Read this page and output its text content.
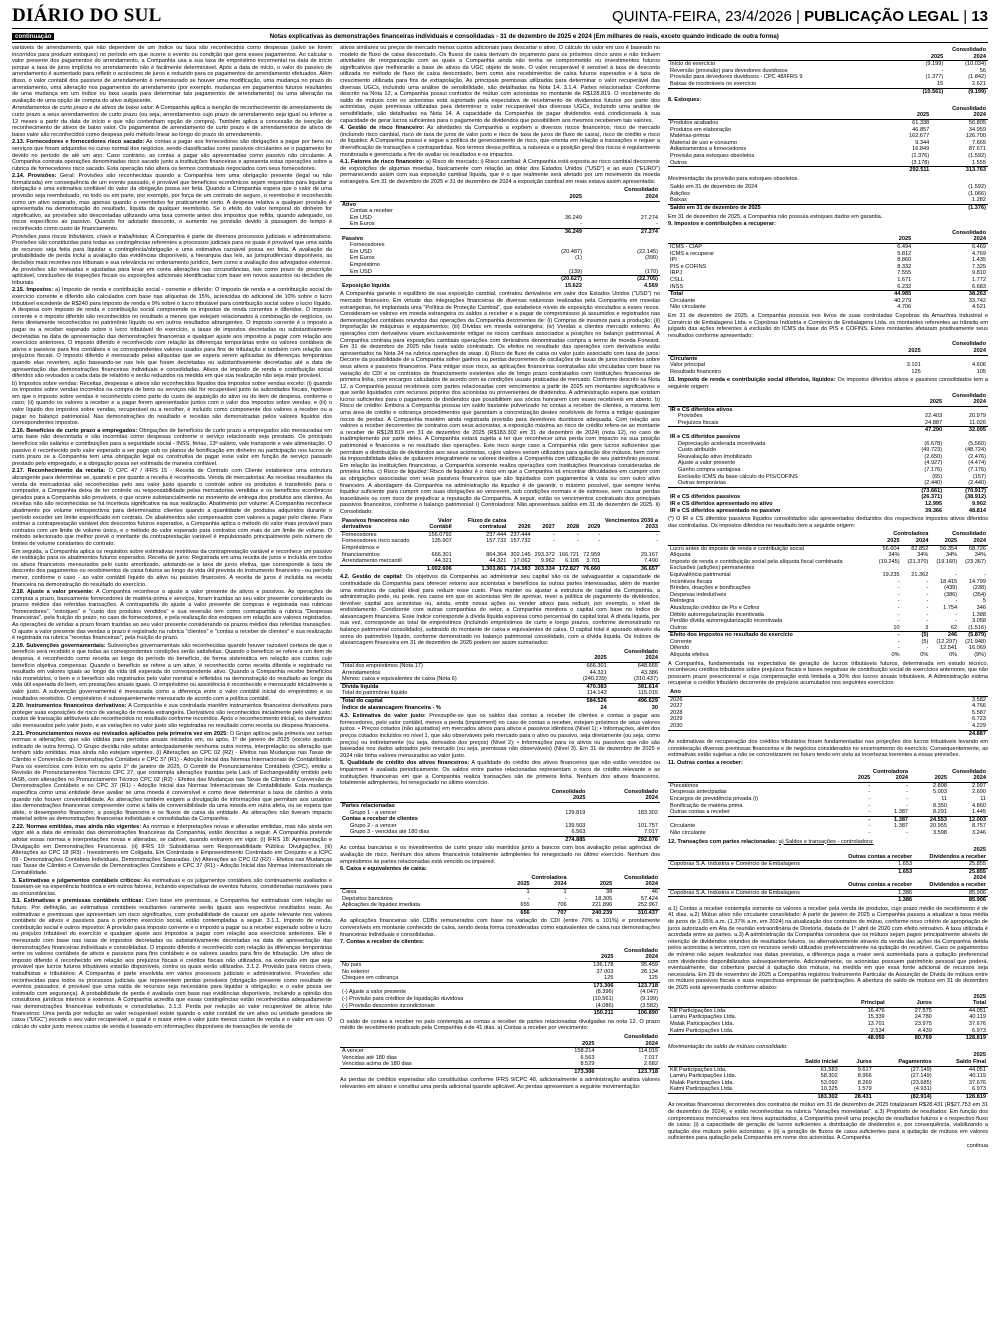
DIÁRIO DO SUL	QUINTA-FEIRA, 23/4/2026 | PUBLICAÇÃO LEGAL | 13
continuação	Notas explicativas às demonstrações financeiras individuais e consolidadas - 31 de dezembro de 2025 e 2024 (Em milhares de reais, exceto quando indicado de outra forma)

variáveis de arrendamento que não dependem de um índice ou taxa são reconhecidos como despesas (salvo se forem incorridos para produzir estoques) no período em que ocorre o evento ou condição que gera esses pagamentos. Ao calcular o valor presente dos pagamentos do arrendamento, a Companhia usa a sua taxa de empréstimo incremental na data de início porque a taxa de juros implícita no arrendamento não é facilmente determinável. Após a data de início, o valor do passivo de arrendamento é aumentado para refletir o acréscimo de juros e reduzido para os pagamentos de arrendamento efetuados. Além disso, o valor contábil dos passivos de arrendamento é remensurado se houver uma modificação, uma mudança no prazo do arrendamento, uma alteração nos pagamentos do arrendamento (por exemplo, mudanças em pagamentos futuros resultantes de uma mudança em um índice ou taxa usada para determinar tais pagamentos de arrendamento) ou uma alteração na avaliação de uma opção de compra do ativo subjacente.

Arrendamentos de curto prazo e de ativos de baixo valor: A Companhia aplica a isenção de reconhecimento de arrendamento de curto prazo a seus arrendamentos de curto prazo (ou seja, arrendamentos cujo prazo de arrendamento seja igual ou inferior a 12 meses a partir da data de início e que não contenham opção de compra). Também aplica a concessão de isenção de reconhecimento de ativos de baixo valor. Os pagamentos de arrendamento de curto prazo e de arrendamentos de ativos de baixo valor são reconhecidos como despesa pelo método linear ao longo do prazo do arrendamento.

2.13. Fornecedores e fornecedores risco sacado: As contas a pagar aos fornecedores são obrigações a pagar por bens ou serviços que foram adquiridos no curso normal dos negócios, sendo classificadas como passivos circulantes se o pagamento for devido no período de até um ano. Caso contrário, as contas a pagar são apresentadas como passivo não circulante. A Companhia contrata operações denominadas risco sacado junto a instituições financeiras e apresenta estas operações sobre a rubrica de fornecedores risco sacado. Esta operação não altera os termos contratuais negociados com seus fornecedores.

2.14. Provisões: Geral: Provisões são reconhecidas quando a Companhia tem uma obrigação presente (legal ou não formalizada) em consequência de um evento passado, é provável que benefícios econômicos sejam requeridos para liquidar a obrigação e uma estimativa confiável do valor da obrigação possa ser feita. Quando a Companhia espera que o valor de uma provisão seja reembolsado, no todo ou em parte, por exemplo, por força de um contrato de seguro, o reembolso é reconhecido como um ativo separado, mas apenas quando o reembolso for praticamente certo. A despesa relativa a qualquer provisão é apresentada na demonstração do resultado, líquida de qualquer reembolso. Se o efeito do valor temporal do dinheiro for significativo, as provisões são descontadas utilizando uma taxa corrente antes dos impostos que reflita, quando adequado, os riscos específicos ao passivo. Quando for adotado desconto, o aumento na provisão devido à passagem do tempo é reconhecido como custo de financiamento.

Provisões para riscos tributários, cíveis e trabalhistas: A Companhia é parte de diversos processos judiciais e administrativos. Provisões são constituídas para todas as contingências referentes a processos judiciais para os quais é provável que uma saída de recursos seja feita para liquidar a contingência/obrigação e uma estimativa razoável possa ser feita. A avaliação da probabilidade de perda inclui a avaliação das evidências disponíveis, a hierarquia das leis, as jurisprudências disponíveis, as decisões mais recentes nos tribunais e sua relevância no ordenamento jurídico, bem como a avaliação dos advogados externos. As provisões são revisadas e ajustadas para levar em conta alterações nas circunstâncias, tais como prazo de prescrição aplicável, conclusões de inspeções fiscais ou exposições adicionais identificadas com base em novos assuntos ou decisões de tribunais.

2.15. Impostos: a) Imposto de renda e contribuição social - corrente e diferido: O imposto de renda e a contribuição social do exercício corrente e diferido são calculados com base nas alíquotas de 15%, acrescidas do adicional de 10% sobre o lucro tributável excedente de R$240 para imposto de renda e 9% sobre o lucro tributável para contribuição social sobre o lucro líquido. A despesa com imposto de renda e contribuição social compreende os impostos de renda correntes e diferidos. O imposto corrente e o imposto diferido são reconhecidos no resultado a menos que estejam relacionados à combinação de negócios, ou itens diretamente reconhecidos no patrimônio líquido ou em outros resultados abrangentes. O imposto corrente é o imposto a pagar ou a receber esperado sobre o lucro tributável do exercício, a taxas de impostos decretadas ou substantivamente decretadas na data de apresentação das demonstrações financeiras e qualquer ajuste aos impostos a pagar com relação aos exercícios anteriores. O imposto diferido é reconhecido com relação às diferenças temporárias entre os valores contábeis de ativos e passivos para fins contábeis e os correspondentes valores usados para fins de tributação e também com relação aos prejuízos fiscais. O imposto diferido é mensurado pelas alíquotas que se espera serem aplicadas às diferenças temporárias quando elas revertem, ação baseando-se nas leis que foram decretadas ou substantivamente decretadas até a data de apresentação das demonstrações financeiras individuais e consolidadas. Ativos de imposto de renda e contribuição social diferidos são revisados a cada data de relatório e serão reduzidos na medida em que sua realização não seja mais provável.

b) Impostos sobre vendas: Receitas, despesas e ativos são reconhecidos líquidos dos impostos sobre vendas exceto: (i) quando os impostos sobre vendas incorridos na compra de bens ou serviços não for recuperável junto às autoridades fiscais, hipótese em que o imposto sobre vendas é reconhecido como parte do custo de aquisição do ativo ou do item de despesa, conforme o caso; (ii) quando os valores a receber e a pagar forem apresentados juntos com o valor dos impostos sobre vendas; e (iii) o valor líquido dos impostos sobre vendas, recuperável ou a recolher, é incluído como componente dos valores a receber ou a pagar no balanço patrimonial. Nas demonstrações do resultado e receitas são demonstradas pelos valores líquidos dos correspondentes impostos.

2.16. Benefícios de curto prazo a empregados: Obrigações de benefícios de curto prazo a empregados são mensuradas em uma base não descontada e são incorridas como despesas conforme o serviço relacionado seja prestado. Os principais benefícios são salários e contribuições para a seguridade social - INSS, férias, 13º salário, vale transporte e vale alimentação. O passivo é reconhecido pelo valor esperado a ser pago sob os planos de bonificação em dinheiro ou participação nos lucros de curto prazo se a Companhia tem uma obrigação legal ou construtiva de pagar esse valor em função de serviço passado prestado pelo empregado, e a obrigação possa ser estimada de maneira confiável.

2.17. Reconhecimento da receita: O CPC 47 / IFRS 15 - Receita de Contrato com Cliente estabelece uma estrutura abrangente para determinar se, quando e por quanto a receita é reconhecida. Venda de mercadorias: As receitas resultantes da venda de mercadorias são reconhecidas pelo seu valor justo quando o controle sobre os produtos é transferido para o comprador, a Companhia deixa de ter controle ou responsabilidade pelas mercadorias vendidas e os benefícios econômicos gerados para a Companhia são prováveis, o que ocorre substancialmente no momento de entrega dos produtos aos clientes. As receitas não são reconhecidas se há incerteza significativa na sua realização. Abatimento por volume: A Companhia reconhece abatimento por volume retrospectivos para determinados clientes quando a quantidade de produtos adquiridos durante o período exceder um limite especificado em contrato. Os abatimentos são compensados com valores a pagar pelo cliente. Para estimar a contraprestação variável dos descontos futuros esperados, a Companhia aplica o método do valor mais provável para contratos com um limite de volume único, e o método do valor esperado para contratos com mais de um limite de volume. O método selecionado que melhor prevê o montante da contraprestação variável é impulsionado principalmente pelo número de limites de volume constantes do contrato.

Em seguida, a Companhia aplica os requisitos sobre estimativas restritivas da contraprestação variável e reconhece um passivo de restituição para os abatimentos futuros esperados. Receita de juros: Registrada em uma receita de juros e incluída em todos os ativos financeiros mensurados pelo custo amortizado, adotando-se a taxa de juros efetiva, que corresponde à taxa de desconto dos pagamentos ou recebimentos de caixa futuros ao longo da vida útil prevista do instrumento financeiro - ou período menor, conforme o caso - ao valor contábil líquido do ativo ou passivo financeiro. A receita de juros é incluída na receita financeira na demonstração do resultado do exercício.

2.18. Ajuste a valor presente: A Companhia reconhece o ajuste a valor presente de ativos e passivos. As operações de compras a prazo, basicamente fornecedores de matéria-prima e serviços, foram trazidas ao seu valor presente considerando os prazos médios das referidas transações. A contrapartida do ajuste a valor presente de compras é registrada nas rubricas "fornecedores", "estoques" e "custo dos produtos vendidos" e sua reversão tem como contrapartida a rubrica "Despesas financeiras", pela fruição do prazo, no caso de fornecedores, e pela realização dos estoques em relação aos valores registrados. As operações de vendas a prazo foram trazidas ao seu valor presente considerando os prazos médios das referidas transações. O ajuste a valor presente das vendas a prazo é registrado na rubrica "clientes" e "contas a receber de clientes" e sua realização é registrada na rubrica "receitas financeiras", pela fruição do prazo.

2.19. Subvenções governamentais: Subvenções governamentais são reconhecidas quando houver razoável certeza de que o benefício será recebido e que todas as correspondentes condições serão satisfeitas. Quando o benefício se refere a um item de despesa, é reconhecido como receita ao longo do período do benefício, de forma sistemática em relação aos custos cujo benefício objetiva compensar. Quando o benefício se refere a um ativo, é reconhecido como receita diferida e registrado no resultado em valores iguais ao longo da vida útil esperada do correspondente ativo. Quando a Companhia recebe benefícios não monetários, o bem e o benefício são registrados pelo valor nominal e refletidos na demonstração do resultado ao longo da vida útil esperada do bem, em prestações anuais iguais. O empréstimo ou assistência é reconhecido e mensurado inicialmente a valor justo. A subvenção governamental é mensurada como a diferença entre o valor contábil inicial do empréstimo e os resultados recebidos. O empréstimo é subsequentemente mensurado de acordo com a política contábil.

2.20. Instrumentos financeiros derivativos: A Companhia e sua controlada mantêm instrumentos financeiros derivativos para proteger suas exposições de risco de variação de moeda estrangeira. Derivativos são reconhecidos inicialmente pelo valor justo; custos de transação atribuíveis são reconhecidos no resultado conforme incorridos. Após o reconhecimento inicial, os derivativos são mensurados pelo valor justo, e as variações no valor justo são registradas no resultado como receita ou despesa financeira.

2.21. Pronunciamentos novos ou revisados aplicados pela primeira vez em 2025: O Grupo aplicou pela primeira vez certas normas e alterações, que são válidas para períodos anuais iniciados em, ou após, 1º de janeiro de 2025 (exceto quando indicado de outra forma). O Grupo decidiu não adotar antecipadamente nenhuma outra norma, interpretação ou alteração que tenham sido emitidas, mas ainda não estejam vigentes. (i) Alterações ao CPC 02 (R2) - Efeitos nas Mudanças nas Taxas de Câmbio e Conversão de Demonstrações Contábeis e CPC 37 (R1) - Adoção Inicial das Normas Internacionais de Contabilidade: Para os exercícios com início em ou após 1º de janeiro de 2025, O Comitê de Pronunciamentos Contábeis (CPC), emitiu a Revisão de Pronunciamentos Técnicos CPC 27, que contempla alterações trazidas pela Lack of Exchangeability emitido pelo IASB, com alterações no Pronunciamento Técnico CPC 02 (R2) - Efeitos das Mudanças nas Taxas de Câmbio e Conversão de Demonstrações Contábeis e no CPC 37 (R1) - Adoção Inicial das Normas Internacionais de Contabilidade. Esta mudança especifica como uma entidade deve avaliar se uma moeda é conversível e como deve determinar a taxa de câmbio à vista quando não houver conversibilidade. As alterações também exigem a divulgação de informações que permitam aos usuários das demonstrações financeiras compreender como a falta de conversibilidade da uma moeda em outra afeta, ou se espera que afete, o desempenho financeiro, a posição financeira e os fluxos de caixa da entidade. As alterações não tiveram impacto material sobre as demonstrações financeiras individuais e consolidadas da Companhia.

2.22. Normas emitidas, mas ainda não vigentes: As normas e interpretações novas e alteradas emitidas, mas não ainda em vigor até a data de emissão das demonstrações financeiras da Companhia, estão descritas a seguir. A Companhia pretende adotar essas normas e interpretações novas e alteradas, se cabível, quando entrarem em vigor. (i) IFRS 18: Apresentação e Divulgação em Demonstrações Financeiras. (ii) IFRS 19: Subsidiárias sem Responsabilidade Pública: Divulgações. (iii) Alterações ao CPC 18 (R3) - Investimento em Coligada, Em Controlada e Empreendimento Controlado em Conjunto e a ICPC 09 - Demonstrações Contábeis Individuais, Demonstrações Separadas. (iv) Alterações ao CPC 02 (R2) - Efeitos nas Mudanças nas Taxas de Câmbio e Conversão de Demonstrações Contábeis e CPC 37 (R1) - Adoção Inicial das Normas Internacionais de Contabilidade.

3. Estimativas e julgamentos contábeis críticos: As estimativas e os julgamentos contábeis são continuamente avaliados e baseiam-se na experiência histórica e em outros fatores, incluindo expectativas de eventos futuros, consideradas razoáveis para as circunstâncias.

3.1. Estimativas e premissas contábeis críticas: Com base em premissas, a Companhia faz estimativas com relação ao futuro. Por definição, as estimativas contábeis resultantes raramente serão iguais aos respectivos resultados reais. As estimativas e premissas que apresentam um risco significativo, com probabilidade de causar um ajuste relevante nos valores contábeis de ativos e passivos para o próximo exercício social, estão contempladas a seguir. 3.1.1. Imposto de renda, contribuição social e outros impostos: A provisão para imposto corrente e o imposto a pagar ou a receber esperado sobre o lucro ou prejuízo tributável do exercício e qualquer ajuste aos impostos a pagar com relação aos exercícios anteriores. Ele é mensurado com base nas taxas de impostos decretadas ou substantivamente decretadas na data de apresentação das demonstrações financeiras individuais e consolidadas. O imposto diferido é reconhecido com relação às diferenças temporárias entre os valores contábeis de ativos e passivos para fins contábeis e os valores usados para fins de tributação. Um ativo de imposto diferido é reconhecido em relação aos prejuízos fiscais e créditos fiscais não utilizados, na extensão em que seja provável que lucros futuros tributáveis estarão disponíveis, contra os quais serão utilizados. 3.1.2. Provisão para riscos cíveis, trabalhistas e tributários: A Companhia é parte envolvida em vários processos judiciais e administrativos. Provisões são reconhecidas para todos os processos judiciais que representem perdas prováveis (obrigação presente como resultado de eventos passados; é provável que uma saída de recursos seja necessária para liquidar a obrigação; e o valor possa ser estimado com segurança). A probabilidade de perda é avaliada com base nas evidências disponíveis, incluindo a opinião dos consultores jurídicos internos e externos. A Companhia acredita que essas contingências estão reconhecidas adequadamente nas demonstrações financeiras individuais e consolidadas. 3.1.3. Perda por redução ao valor recuperável de ativos não financeiros: Uma perda por redução ao valor recuperável existe quando o valor contábil de um ativo ou unidade geradora de caixa ("UGC") excede o seu valor recuperável, o qual é o maior entre o valor justo menos custos de venda e o valor em uso. O cálculo do valor justo menos custos de venda é baseado em informações disponíveis de transações de venda de

ativos similares ou preços de mercado menos custos adicionais para descartar o ativo. O cálculo do valor em uso é baseado no modelo de fluxo de caixa descontado. Os fluxos de caixa derivam do orçamento para os próximos cinco anos e não incluem atividades de reorganização com as quais a Companhia ainda não tenha se comprometido ou investimentos futuros significativos que melhorarão a base de ativos da UGC objeto de teste. O valor recuperável é sensível à taxa de desconto utilizada no método de fluxo de caixa descontado, bem como aos recebimentos de caixa futuros esperados e à taxa de crescimento utilizada para fins de extrapolação. As principais premissas utilizadas para determinar o valor recuperável das diversas UGCs, incluindo uma análise de sensibilidade, são detalhadas na Nota 14. 3.1.4. Partes relacionadas: Conforme descrito na Nota 12, a Companhia possui contratos de mútuo com acionistas no montante de R$128.819. O recebimento do saldo de mútuos com os acionistas está suportado pela expectativa de recebimento de dividendos futuros por parte dos acionistas, cujas premissas utilizadas para determinar o valor recuperável das diversas UGCs, incluindo uma análise de sensibilidade, são detalhadas na Nota 14. A capacidade da Companhia de pagar dividendos está condicionada à sua capacidade de gerar lucros suficientes para o pagamento de dividendos que possibilitem aos mesmos receberem tais valores.

4. Gestão de risco financeiro: As atividades da Companhia a expõem a diversos riscos financeiros: risco de mercado (incluindo risco cambial, risco de taxa de juros de valor justo e risco de taxa de juros de fluxo de caixa), risco de crédito e risco de liquidez. A Companhia possui e segue a política de gerenciamento de risco, que orienta em relação a transações e requer a diversificação de transações e contrapartidas. Nos termos dessa política, a natureza e a posição geral dos riscos é regularmente monitorada e gerenciada a fim de avaliar os resultados e os impactos.

4.1. Fatores de risco financeiro: a) Risco de mercado: i) Risco cambial: A Companhia está exposta ao risco cambial decorrente de exposições de algumas moedas, basicamente com relação ao dólar dos Estados Unidos ("USD") e ao euro ("EURO") permanecendo assim com sua exposição cambial líquida, que é o que realmente será afetado por um movimento da moeda estrangeira. Em 31 de dezembro de 2025 e 31 de dezembro de 2024 a exposição cambial em reais estava assim apresentada:

	Consolidado	
	2025	2024
Ativo		
Contas a receber		
Em USD	36.249	27.274
Em Euros	-	-
	36.249	27.274
Passivo		
Fornecedores		
Em USD	(20.487)	(22.145)
Em Euros	(1)	(390)
Empréstimo		
Em USD	(139)	(170)
	(20.627)	(22.705)
Exposição líquida	15.622	4.569

A Companhia garante o equilíbrio de sua exposição cambial, contratou derivativos em valor dos Estados Unidos ("USD") no mercado financeiro. Em virtude das integrações financeiras de diversas naturezas realizadas pela Companhia em moedas estrangeiras, foi implantada uma "Política de Proteção Cambial", que estabelece níveis de exposição vinculados a esses riscos. Consideram-se valores em moeda estrangeira os saldos a receber e a pagar de compromissos já assumidos e registrados nas demonstrações contábeis oriundos das operações da Companhia decorrentes de: (i) Compras de insumos para a produção; (ii) Importação de máquinas e equipamentos; (iii) Dívidas em moeda estrangeira; (iv) Vendas a clientes mercado externo. As operações com derivativos visam exclusivamente mitigar os riscos cambiais associados a posições no balanço patrimonial. A Companhia contrata para exposições cambiais operações com derivativos denominadas compra a termo de moeda Forward. Em 31 de dezembro de 2025 não havia saldo contratado. Os efeitos no resultado das operações com derivativos estão apresentados na Nota 24 na rubrica operações de swap. ii) Risco de fluxo de caixa ou valor justo associado com taxa de juros: Decorre da possibilidade de a Companhia sofrer ganhos ou perdas decorrentes de oscilações de taxas de juros incidentes sobre seus ativos e passivos financeiros. Para mitigar esse risco, as aplicações financeiras contratadas são vinculadas com base na variação do CDI e os contratos de financiamento existentes são de longo prazo contratados com instituições financeiras de primeira linha, com encargos calculados de acordo com as condições usuais praticadas de mercado. Conforme descrito na Nota 12, a Companhia possui recebíveis com partes relacionadas com vencimentos a partir de 2025 em montantes significativos e que serão liquidados com recursos próprios dos acionistas ou provenientes de dividendos. A administração espera que existam lucros suficientes para o pagamento de dividendos que possibilitem aos sócios honrarem com esses recebíveis em aberto. b) Risco de crédito: Embora a Companhia possua um saldo bastante pulverizado no contas a receber de clientes, a mesma tem uma área de crédito e cobrança procedimentos que garantam a concretização destes recebíveis de forma a mitigar quaisquer riscos de perdas. A Companhia mantém ainda registrada provisão para devedores duvidosos adequada. Com relação aos valores a receber decorrentes de contratos com seus acionistas, a exposição máxima ao risco de crédito refere-se ao montante a receber de R$128.819 em 31 de dezembro de 2025 (R$183.302 em 31 de dezembro de 2024) (nota 12), no caso de inadimplemento por parte deles. A Companhia estará sujeita a ter que reconhecer uma perda com impacto na sua posição patrimonial e financeira e no resultado das operações. Este risco surge caso a Companhia não gere lucros suficientes que permitam a distribuição de dividendos aos seus acionistas, cujos valores seriam utilizados para quitação dos mútuos, bem como da impossibilidade deles de quitarem integralmente os valores devidos a Companhia com utilização de seu patrimônio pessoal. Em relação às instituições financeiras, a Companhia somente realiza operações com instituições financeiras consideradas de primeira linha. c) Risco de liquidez: Risco de liquidez é o risco em que a Companhia irá encontrar dificuldades em cumprir com as obrigações associadas com seus passivos financeiros que são liquidados com pagamentos à vista ou com outro ativo financeiro. A abordagem da Companhia na administração da liquidez é de garantir, o máximo possível, que sempre tenha liquidez suficiente para cumprir com suas obrigações ao vencerem, sob condições normais e de estresse, sem causar perdas inaceitáveis ou com risco de prejudicar a reputação da Companhia. A seguir, estão os vencimentos contratuais dos principais passivos financeiros, conforme o balanço patrimonial: i) Controladora: Não apresentava saldos em 31 de dezembro de 2025. ii) Consolidado:

Passivos financeiros não derivativos	Valor Contábil	Fluxo de caixa contratual	2026	2027	2028	2029	Vencimentos 2030 a 2033
Fornecedores	156.0792	237.444	237.444	-	-	-	-
Fornecedores risco sacado	135.907	157.732	157.732	-	-	-	-
Empréstimos e financiamentos	666.301	864.364	302.145	293.372	166.721	72.959	29.167
Arrendamento mercantil	44.321	44.321	17.062	9.962	6.106	3.701	7.490
	1.002.606	1.303.861	714.383	303.334	172.827	76.660	36.657

4.2. Gestão de capital: Os objetivos da Companhia ao administrar seu capital são os de salvaguardar a capacidade de continuidade da Companhia para oferecer retorno aos acionistas e benefícios às outras partes interessadas, além de manter uma estrutura de capital ideal para reduzir esse custo. Para manter ou ajustar a estrutura de capital da Companhia, a administração pode, ou pode, nos casos em que os acionistas têm de aprovar, rever a política de pagamento de dividendos, devolver capital aos acionistas ou, ainda, emitir novas ações ou vender ativos para reduzir, por exemplo, o nível de endividamento. Condizente com outras companhias do setor, a Companhia monitora o capital com base no índice de alavancagem financeira. Esse índice corresponde à dívida líquida expressa como percentual do capital total. A dívida líquida, por sua vez, corresponde ao total de empréstimos (incluindo empréstimos de curto e longo prazos, conforme demonstrado no balanço patrimonial consolidado), subtraído do montante de caixa e equivalentes de caixa. O capital total é apurado através da soma do patrimônio líquido, conforme demonstrado no balanço patrimonial consolidado, com a dívida líquida. Os índices de alavancagem financeira em 31 de dezembro de 2025 podem ser assim sumariados:

	Consolidado	
	2025	2024
Total dos empréstimos (Nota 17)	666.301	648.665
Arrendamentos	44.321	43.386
Menos: caixa e equivalentes de caixa (Nota 6)	(240.239)	(310.437)
Dívida líquida	470.383	381.614
Total do patrimônio líquido	114.143	115.015
Total do capital	584.526	496.629
Índice de alavancagem financeira - %	24	30

4.3. Estimativa do valor justo: Pressupõe-se que os saldos das contas a receber de clientes e contas a pagar aos fornecedores, pelo valor contábil, menos a perda (impairment) no caso de contas a receber, estejam próximos de seus valores justos. • Preços cotados (não ajustados) em mercados ativos para ativos e passivos idênticos (Nível 1); • Informações, além dos preços cotados incluídos no nível 1, que são observáveis pelo mercado para o ativo ou passivo, seja diretamente (ou seja, como preços) ou indiretamente (ou seja, derivados dos preços) (Nível 2); • Informações para os ativos ou passivos que não são baseadas nos dados adotados pelo mercado (ou seja, premissas não observáveis) (Nível 3). Em 31 de dezembro de 2025 e 2024 não tinha valores mensurados ao valor justo.

5. Qualidade de crédito dos ativos financeiros: A qualidade do crédito dos ativos financeiros que não estão vencidos ou impairment é avaliada periodicamente. Os saldos entre partes relacionadas representam o risco de crédito relevante e as instituições financeiras em que a Companhia realiza transações são de primeira linha. Nenhum dos ativos financeiros, totalmente adimplentes, foi renegociado no último exercício.

	Consolidado	Consolidado
	2025	2024
Partes relacionadas		
Grupo 1 - a vencer	129.819	183.302
Contas a receber de clientes		
Grupo 2 - a vencer	139.503	101.757
Grupo 3 - vencidas até 180 dias	6.563	7.017
	274.885	292.076

As contas bancárias e os investimentos de curto prazo são mantidos junto a bancos com boa avaliação pelas agências de avaliação de risco. Nenhum dos ativos financeiros totalmente adimplentes foi renegociado no último exercício. Nenhum dos empréstimos às partes relacionadas está vencido ou impaired.

6. Caixa e equivalentes de caixa:

	Controladora		Consolidado	
	2025	2024	2025	2024
Caixa	1	1	38	46
Depósitos bancários	-	-	18.305	57.424
Aplicações de liquidez imediata	655	706	221.896	252.967
	656	707	240.239	310.437

As aplicações financeiras são CDBs remunerados com base na variação do CDI (entre 70% a 101%) e prontamente conversíveis em montante conhecido de caixa, sendo desta forma consideradas como equivalentes de caixa nas demonstrações financeiras individuais e consolidadas.

7. Contas a receber de clientes:

	Consolidado	
	2025	2024
No país	136.178	95.459
No exterior	37.003	28.134
Cheques em cobrança	125	125
	173.306	123.718
(-) Ajuste a valor presente	(8.396)	(4.047)
(-) Provisão para créditos de liquidação duvidosa	(10.561)	(9.199)
(-) Provisão descontos incondicionais	(4.086)	(3.582)
	150.211	106.890

O saldo de contas a receber no país contempla as contas a receber de partes relacionadas divulgadas na nota 12. O prazo médio de recebimento praticado pela Companhia é de 41 dias. a) Contas a receber por vencimento:

	Consolidado	
	2025	2024
A vencer	158.214	114.019
Vencidas até 180 dias	6.563	7.017
Vencidas acima de 180 dias	8.529	2.682
	173.306	123.718

As perdas de créditos esperadas são constituídas conforme IFRS 9/CPC 48, adicionalmente a administração analisa valores relevantes em atraso e constitui uma perda adicional quando aplicável. As perdas apresentam a seguinte movimentação:

	Consolidado	
	2025	2024
Início do exercício	(9.199)	(10.034)
Reversão (provisão) para devedores duvidosos	-	56
Provisão para devedores duvidosos - CPC 48/IFRS 9	(1.377)	(1.842)
Baixas de incobráveis no exercício	15	2.621
	(10.561)	(9.199)

8. Estoques:

	Consolidado	
	2025	2024
Produtos acabados	61.338	56.805
Produtos em elaboração	46.857	34.959
Matérias-primas	162.677	126.700
Material de uso e consumo	9.344	7.665
Adiantamentos a fornecedores	16.849	87.671
Provisão para estoques obsoletos	(1.376)	(1.592)
Outros	(3.178)	1.555
	292.511	313.763

Movimentação da provisão para estoques obsoletos.

Saldo em 31 de dezembro de 2024	(1.592)
Adições	(1.066)
Baixas	1.282
Saldo em 31 de dezembro de 2025	(1.376)

Em 31 de dezembro de 2025, a Companhia não possuía estoques dados em garantia.

9. Impostos e contribuições a recuperar:

	Consolidado	
	2025	2024
ICMS - CIAP	6.494	6.469
ICMS a recuperar	5.812	4.769
IPI	8.860	1.435
PIS e COFINS	8.332	7.325
IRPJ	7.555	9.810
CSLL	1.671	1.772
INSS	6.232	6.683
Total	44.985	38.263
Circulante	40.279	33.742
Não circulante	4.706	4.521

Em 31 de dezembro de 2025, a Companhia possuía nos livros de suas controladas Copobras da Amazônia Industrial e Comércio de Embalagens Ltda. e Copobras Indústria e Comércio de Embalagens Ltda. os montantes referentes ao trânsito em julgado das ações referentes à exclusão do ICMS da base do PIS e COFINS. Estes montantes afetaram positivamente seus resultados conforme apresentado:

	Consolidado	
	2025	2024
Circulante		
Valor principal	3.101	4.606
Resultado financeiro	125	105

10. Imposto de renda e contribuição social diferidos, líquidos: Os impostos diferidos ativos e passivos consolidados tem a seguinte origem:

	Consolidado	
	2025	2024
IR e CS diferidos ativos		
Provisões	22.403	20.979
Prejuízos fiscais	24.887	11.026
	47.290	32.005
IR e CS diferidos passivos		
Depreciação acelerada incentivada	(6.678)	(5.560)
Custo atribuído	(49.723)	(48.724)
Reavaliação ativo imobilizado	(2.650)	(2.476)
Ajuste a valor presente	(4.927)	(4.474)
Ganho compra vantajosa	(7.176)	(7.176)
Exclusão ICMS da base cálculo do PIS/COFINS	(65)	(157)
Outras temporárias	(2.440)	(2.440)
	(73.661)	(70.917)
IR e CS diferidos passivos	(26.371)	(38.912)
IR e CS diferidos apresentado no ativo	12.995	9.902
IR e CS diferidos apresentado no passivo	39.366	48.814

(*) O IR e CS diferidos passivos líquidos consolidados são apresentados deduzidos dos respectivos impostos ativos diferidos das controladas. Os impostos diferidos no resultado tem a seguinte origem:

	Controladora		Consolidado	
	2025	2024	2025	2024
Lucro antes do imposto de renda e contribuição social	56.604	82.852	56.354	68.726
Alíquota	34%	34%	34%	34%
Imposto de renda e contribuição social pela alíquota fiscal combinada	(19.245)	(21.370)	(19.160)	(23.367)
Exclusões (adições) permanentes				
Equivalência patrimonial	19.235	21.362	-	-
Incentivos fiscais	-	-	18.415	14.799
Brindes, doações e bonificações	-	-	(439)	(238)
Despesas indedutíveis	-	-	(386)	(354)
Reintegra	-	-	-	5
Atualização créditos de Pis e Cofins	-	-	1.754	346
Débito autorregularização incentivada	-	-	-	1.388
Perdão dívida autorregularização incentivada	-	-	-	3.058
Outros	10	3	62	(1.516)
Efeito dos impostos no resultado do exercício	-	(5)	246	(5.879)
Corrente	-	(5)	(12.297)	(21.948)
Diferido	-	-	12.541	16.069
Alíquota efetiva	0%	0%	0%	(9%)

A Companhia, fundamentada na expectativa de geração de lucros tributáveis futuros, determinada em estudo técnico, reconheceu créditos tributários sobre prejuízos fiscais e bases negativas de contribuição social de exercícios anteriores, que não possuem prazo prescricional e cuja compensação está limitada a 30% dos lucros anuais tributáveis. A Administração estima recuperar o crédito tributário decorrente de prejuízos acumulados nos seguintes exercícios:

Ano	
2026	3.582
2027	4.766
2028	5.587
2029	6.723
2030	4.229
	24.887

As estimativas de recuperação dos créditos tributários foram fundamentadas nas projeções dos lucros tributáveis levando em consideração diversas premissas financeiras e de negócios considerados no encerramento do exercício. Consequentemente, as estimativas estão sujeitas a não se concretizarem no futuro tendo em vista as incertezas inerentes a essas previsões.

11. Outras contas a receber:

	Controladora		Consolidado	
	2025	2024	2025	2024
Precatórios	-	-	2.898	2.997
Despesas antecipadas	-	-	5.003	2.690
Encargos de previdência privada (i)	-	-	11	11
Bonificação de matéria prima	-	-	8.350	4.860
Outras contas a receber	-	1.387	8.291	1.445
	-	1.387	24.553	12.003
Circulante	-	1.387	20.955	8.757
Não circulante	-	-	3.598	3.246

12. Transações com partes relacionadas: a) Saldos e transações - controladora:

	2025	
	Outras contas a receber	Dividendos a receber
Copobras S.A. Indústria e Comércio de Embalagens	1.653	25.855
	1.653	25.855
	2024	
	Outras contas a receber	Dividendos a receber
Copobras S.A. Indústria e Comércio de Embalagens	1.386	85.906
	1.386	85.906

a.1) Contas a receber contempla somente os valores a receber pela venda de produtos, cujo prazo médio de recebimento é de 41 dias. a.2) Mútuo ativo não circulante consolidado: A partir de janeiro de 2025 a Companhia passou a atualizar a taxa média de juros de 1,65% a.m. (1,37% a.m. em 2024) na atualização dos contratos de mútuo, conforme novo critério de apropriação de juros autorizado em Ata de reunião extraordinária de Diretoria, datada de 1º abril de 2020 com efeito retroativo. A taxa utilizada é acordada entre as partes. a.3) A administração da Companhia considera que os mútuos sejam pagos principalmente através de retenção de dividendos oriundos de resultados futuros, ou alternativamente através da venda das ações da Companhia detida pelos acionistas a terceiros, com os recursos sendo utilizados preferencialmente na quitação do recebível. Caso os pagamentos de mínimo não sejam realizados nas datas previstas, a diferença paga a maior será aumentada para a quitação preferencial com dividendos disponibilizados subsequentemente. Adicionalmente, os acionistas possuem patrimônio pessoal que poderá, eventualmente, dar cobertura parcial à quitação dos mútuos, na medida em que essa fonte adicional de recursos seja necessária. Em 29 de novembro de 2025 a Companhia registrou Instrumento Particular de Assunção de Dívida de mútuos entre os mútuos passivos fiscais e suas respectivas empresas de participações. A abertura do saldo de mútuos em 31 de dezembro de 2025 está apresentada conforme abaixo:

	2025		
	Principal	Juros	Total
Klil Participações Ltda.	16.476	27.575	44.051
Lamiru Participações Ltda.	15.339	24.780	40.119
Malak Participações Ltda.	13.701	23.975	37.676
Katmi Participações Ltda.	2.534	4.439	6.973
	48.050	80.769	128.819

Movimentação do saldo de mútuos consolidado:

	2025			
	Saldo inicial	Juros	Pagamentos	Saldo Final
Klil Participações Ltda.	61.583	9.617	(27.149)	44.051
Lamiru Participações Ltda.	58.302	8.966	(27.149)	40.119
Malak Participações Ltda.	53.092	8.269	(23.685)	37.676
Katmi Participações Ltda.	10.325	1.579	(4.931)	6.973
	183.302	28.431	(82.914)	128.819

As receitas financeiras decorrentes dos contratos de mútuo em 31 de dezembro de 2025 totalizaram R$28.431 (R$27.753 em 31 de dezembro de 2024), e estão reconhecidas na rubrica "Variações monetárias". a.3) Propósito de resultados: Em função dos compromissos mencionados nos itens supracitados, a Companhia prevê uma projeção de resultados futuros e o respectivo fluxo de caixa: (i) a capacidade de geração de lucros suficientes a distribuição de dividendos e, por consequência, viabilizando a quitação dos mútuos pelos acionistas; e (ii) a geração de fluxos de caixa suficientes para a quitação de mútuos em valores suficientes para quitação pela Companhia em nome dos acionistas. A Companhia

continua
